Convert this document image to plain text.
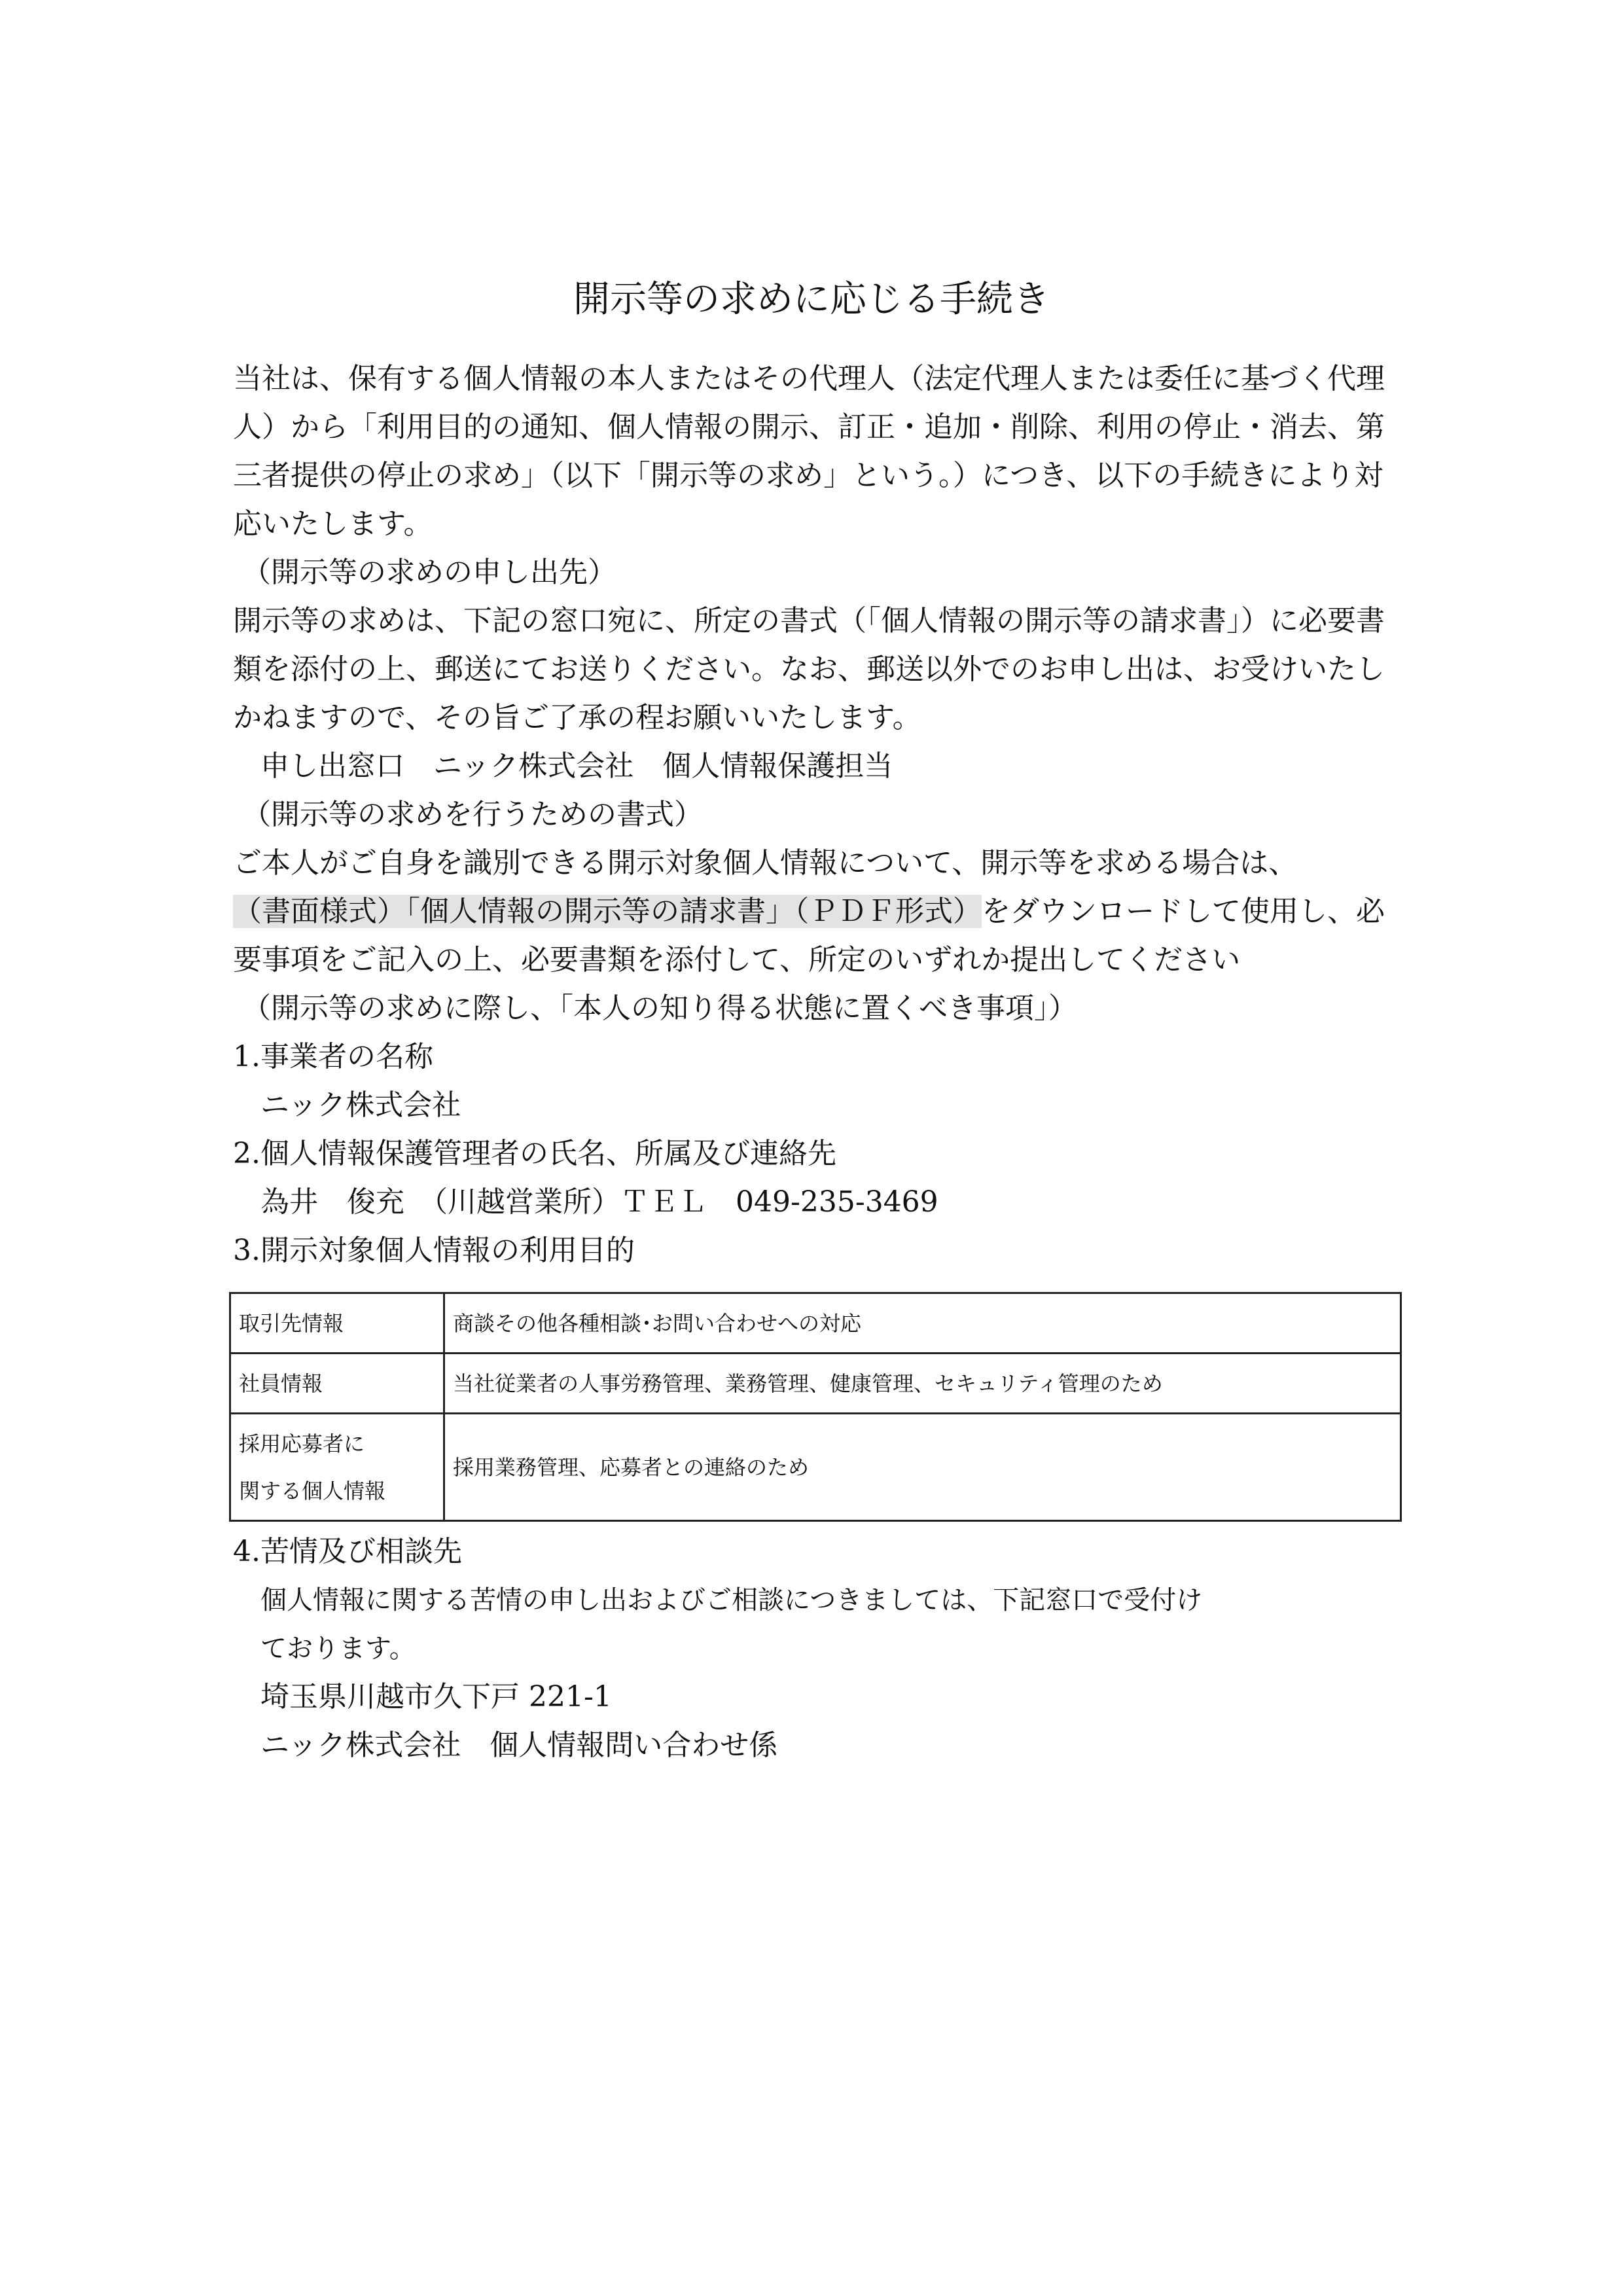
開示等の求めに応じる手続き
当社は、保有する個人情報の本人またはその代理人（法定代理人または委任に基づく代理
人）から「利用目的の通知、個人情報の開示、訂正・追加・削除、利用の停止・消去、第
三者提供の停止の求め」（以下「開示等の求め」という。）につき、以下の手続きにより対
応いたします。
（開示等の求めの申し出先）
開示等の求めは、下記の窓口宛に、所定の書式（「個人情報の開示等の請求書」）に必要書
類を添付の上、郵送にてお送りください。なお、郵送以外でのお申し出は、お受けいたし
かねますので、その旨ご了承の程お願いいたします。
申し出窓口　ニック株式会社　個人情報保護担当
（開示等の求めを行うための書式）
ご本人がご自身を識別できる開示対象個人情報について、開示等を求める場合は、
（書面様式）「個人情報の開示等の請求書」（ＰＤＦ形式）をダウンロードして使用し、必
要事項をご記入の上、必要書類を添付して、所定のいずれか提出してください
（開示等の求めに際し、「本人の知り得る状態に置くべき事項」）
1.事業者の名称
ニック株式会社
2.個人情報保護管理者の氏名、所属及び連絡先
為井　俊充　（川越営業所）ＴＥＬ　049-235-3469
3.開示対象個人情報の利用目的
取引先情報	商談その他各種相談･お問い合わせへの対応
社員情報	当社従業者の人事労務管理、業務管理、健康管理、セキュリティ管理のため

採用応募者に
関する個人情報	採用業務管理、応募者との連絡のため
4.苦情及び相談先
個人情報に関する苦情の申し出およびご相談につきましては、下記窓口で受付け
ております。
埼玉県川越市久下戸 221-1
ニック株式会社　個人情報問い合わせ係
